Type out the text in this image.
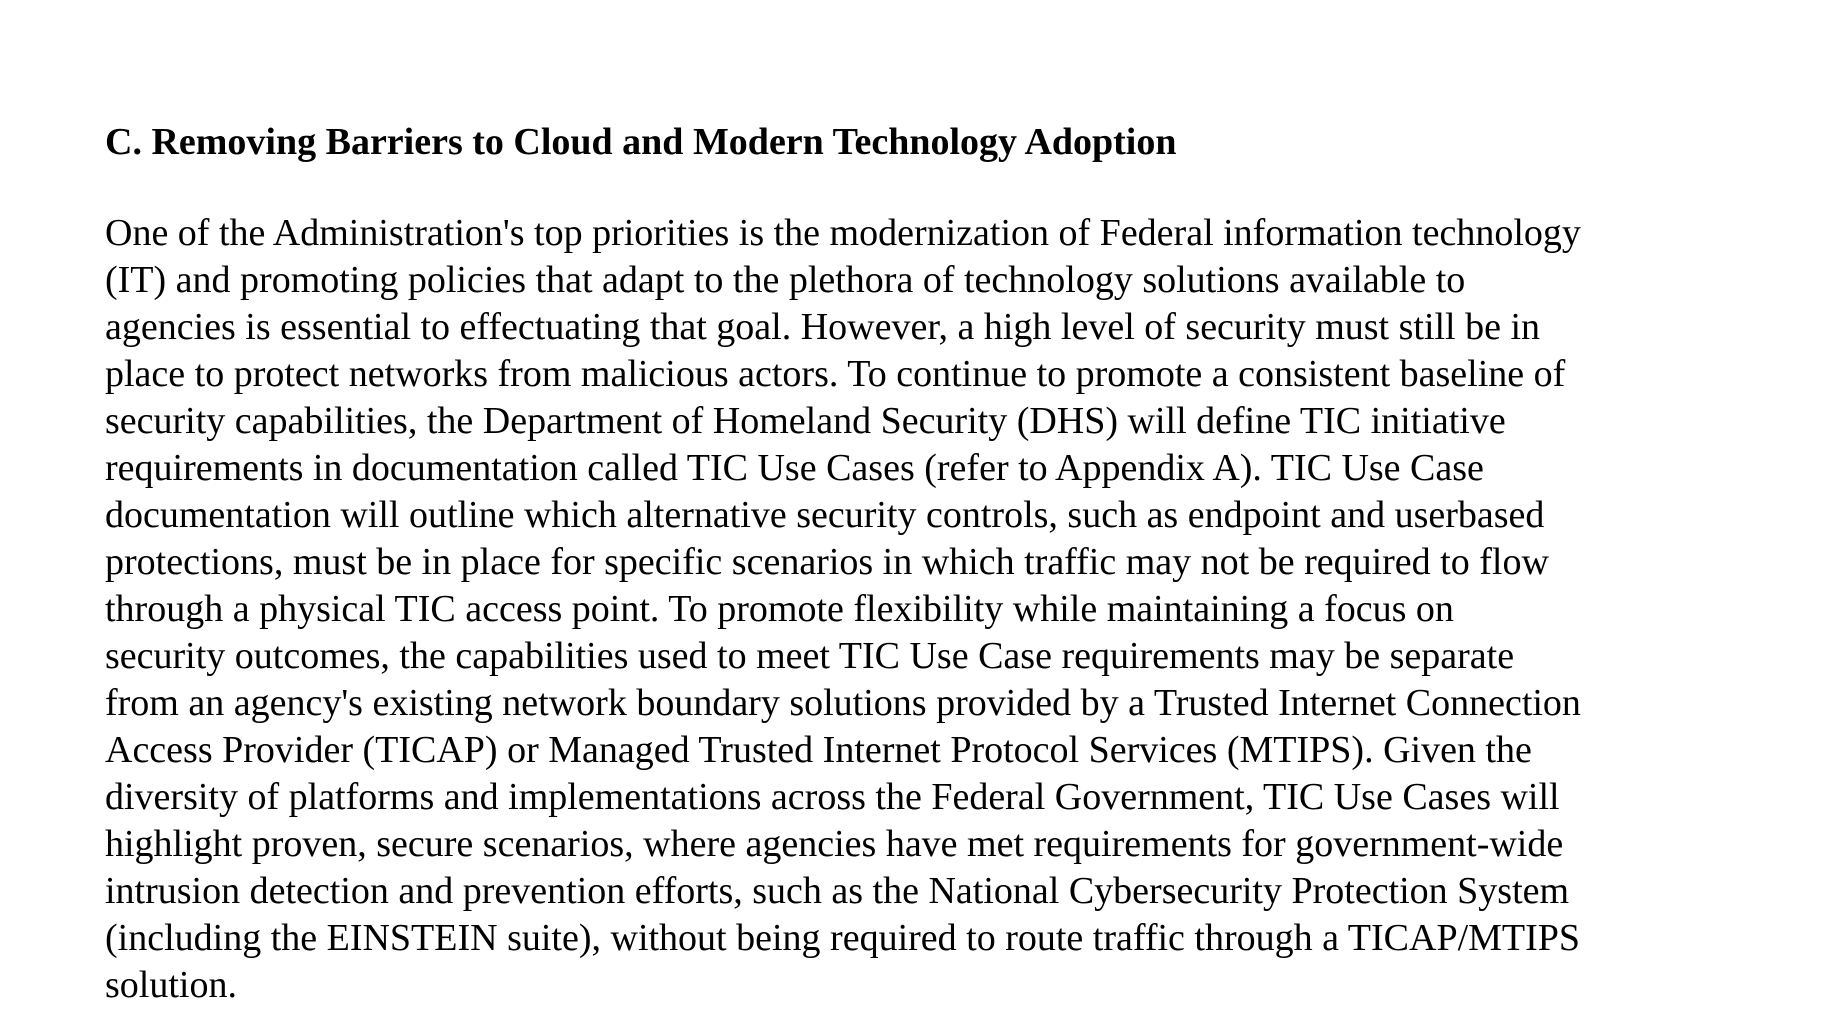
C. Removing Barriers to Cloud and Modern Technology Adoption

One of the Administration's top priorities is the modernization of Federal information technology
(IT) and promoting policies that adapt to the plethora of technology solutions available to
agencies is essential to effectuating that goal. However, a high level of security must still be in
place to protect networks from malicious actors. To continue to promote a consistent baseline of
security capabilities, the Department of Homeland Security (DHS) will define TIC initiative
requirements in documentation called TIC Use Cases (refer to Appendix A). TIC Use Case
documentation will outline which alternative security controls, such as endpoint and userbased
protections, must be in place for specific scenarios in which traffic may not be required to flow
through a physical TIC access point. To promote flexibility while maintaining a focus on
security outcomes, the capabilities used to meet TIC Use Case requirements may be separate
from an agency's existing network boundary solutions provided by a Trusted Internet Connection
Access Provider (TICAP) or Managed Trusted Internet Protocol Services (MTIPS). Given the
diversity of platforms and implementations across the Federal Government, TIC Use Cases will
highlight proven, secure scenarios, where agencies have met requirements for government-wide
intrusion detection and prevention efforts, such as the National Cybersecurity Protection System
(including the EINSTEIN suite), without being required to route traffic through a TICAP/MTIPS
solution.
